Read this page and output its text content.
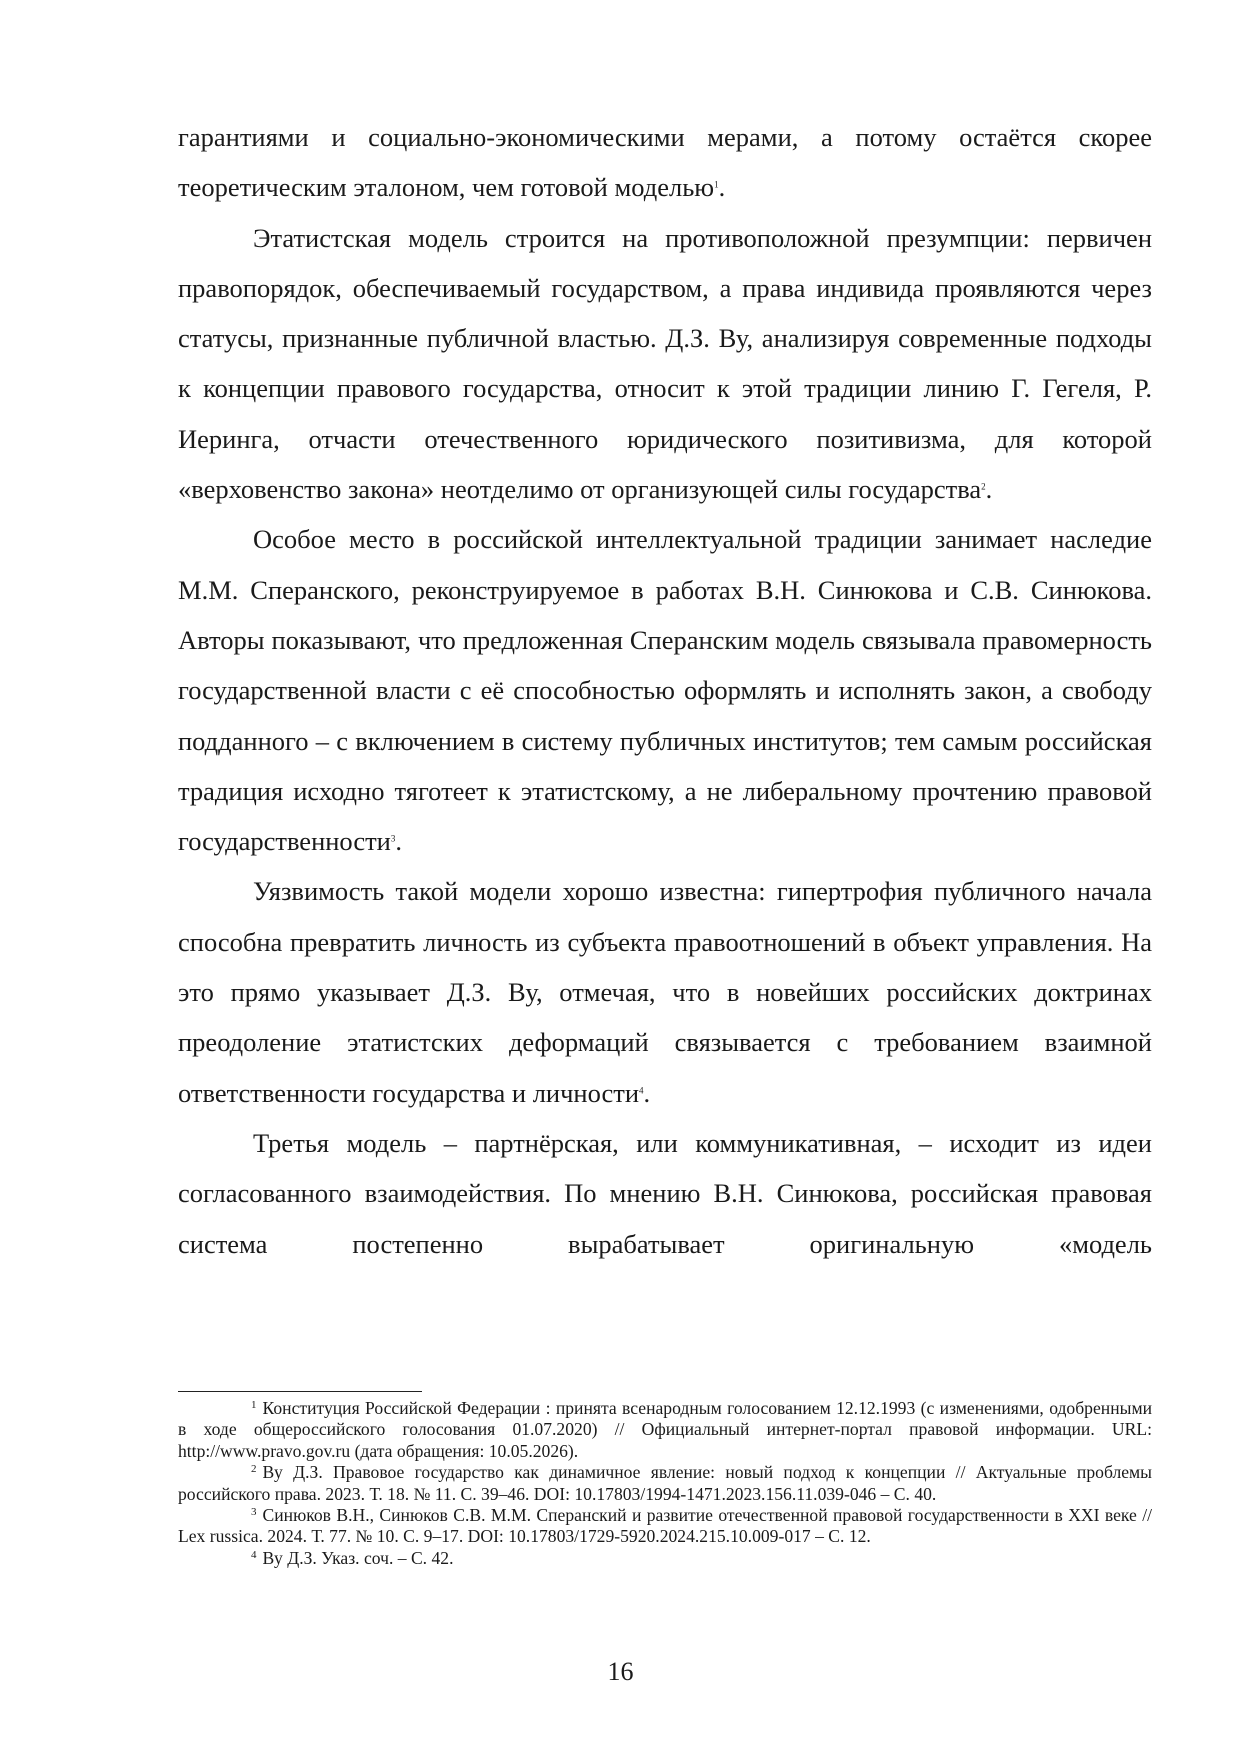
гарантиями и социально-экономическими мерами, а потому остаётся скорее теоретическим эталоном, чем готовой моделью$^1$.

Этатистская модель строится на противоположной презумпции: первичен правопорядок, обеспечиваемый государством, а права индивида проявляются через статусы, признанные публичной властью. Д.З. Ву, анализируя современные подходы к концепции правового государства, относит к этой традиции линию Г. Гегеля, Р. Иеринга, отчасти отечественного юридического позитивизма, для которой «верховенство закона» неотделимо от организующей силы государства$^2$.

Особое место в российской интеллектуальной традиции занимает наследие М.М. Сперанского, реконструируемое в работах В.Н. Синюкова и С.В. Синюкова. Авторы показывают, что предложенная Сперанским модель связывала правомерность государственной власти с её способностью оформлять и исполнять закон, а свободу подданного – с включением в систему публичных институтов; тем самым российская традиция исходно тяготеет к этатистскому, а не либеральному прочтению правовой государственности$^3$.

Уязвимость такой модели хорошо известна: гипертрофия публичного начала способна превратить личность из субъекта правоотношений в объект управления. На это прямо указывает Д.З. Ву, отмечая, что в новейших российских доктринах преодоление этатистских деформаций связывается с требованием взаимной ответственности государства и личности$^4$.

Третья модель – партнёрская, или коммуникативная, – исходит из идеи согласованного взаимодействия. По мнению В.Н. Синюкова, российская правовая система постепенно вырабатывает оригинальную «модель

$^1$ Конституция Российской Федерации : принята всенародным голосованием 12.12.1993 (с изменениями, одобренными в ходе общероссийского голосования 01.07.2020) // Официальный интернет-портал правовой информации. URL: http://www.pravo.gov.ru (дата обращения: 10.05.2026).

$^2$ Ву Д.З. Правовое государство как динамичное явление: новый подход к концепции // Актуальные проблемы российского права. 2023. Т. 18. № 11. С. 39–46. DOI: 10.17803/1994-1471.2023.156.11.039-046 – С. 40.

$^3$ Синюков В.Н., Синюков С.В. М.М. Сперанский и развитие отечественной правовой государственности в XXI веке // Lex russica. 2024. Т. 77. № 10. С. 9–17. DOI: 10.17803/1729-5920.2024.215.10.009-017 – С. 12.

$^4$ Ву Д.З. Указ. соч. – С. 42.

16
